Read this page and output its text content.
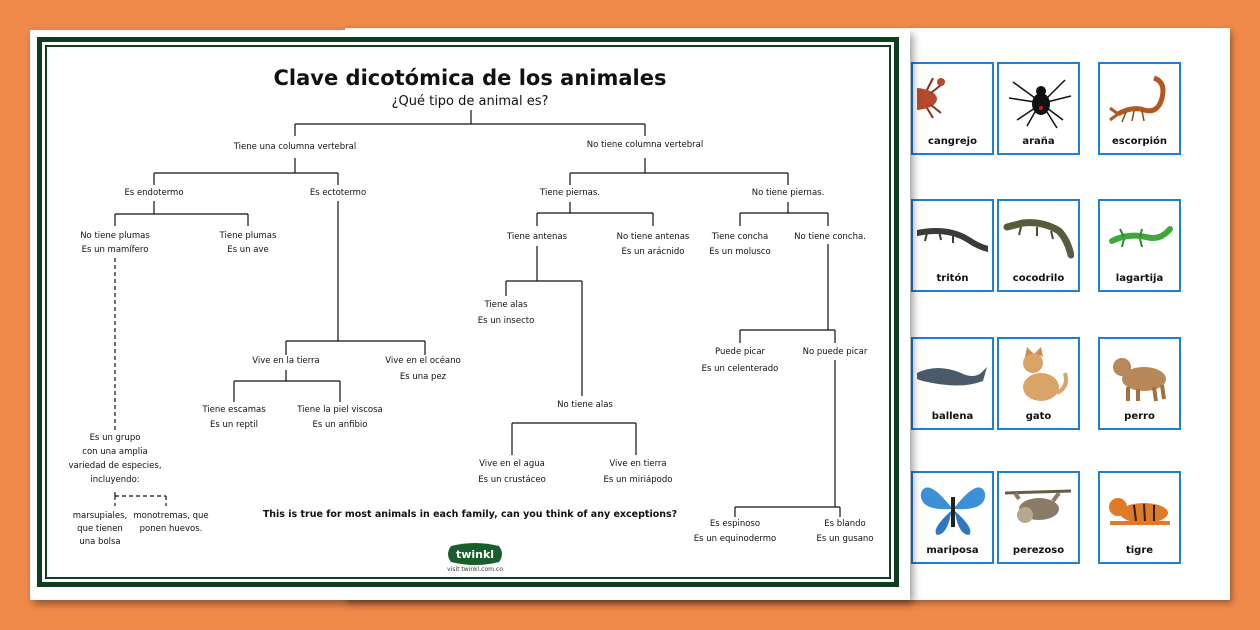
cangrejo	araña	escorpión
tritón	cocodrilo	lagartija
ballena	gato	perro
mariposa	perezoso	tigre
Clave dicotómica de los animales
¿Qué tipo de animal es?
Tiene una columna vertebral	No tiene columna vertebral
Es endotermo	Es ectotermo
No tiene plumas
Es un mamífero
Tiene plumas
Es un ave
Es un grupo
con una amplia
variedad de especies,
incluyendo:
marsupiales,
que tienen
una bolsa
monotremas, que
ponen huevos.
Vive en la tierra	Vive en el océano
Es una pez
Tiene escamas
Es un reptil
Tiene la piel viscosa
Es un anfibio
Tiene piernas.	No tiene piernas.
Tiene antenas	No tiene antenas
Es un arácnido
Tiene alas
Es un insecto
No tiene alas
Vive en el agua
Es un crustáceo
Vive en tierra
Es un miriápodo
Tiene concha
Es un molusco
No tiene concha.
Puede picar
Es un celenterado
No puede picar
Es espinoso
Es un equinodermo
Es blando
Es un gusano
This is true for most animals in each family, can you think of any exceptions?
twinkl
visit twinkl.com.co
